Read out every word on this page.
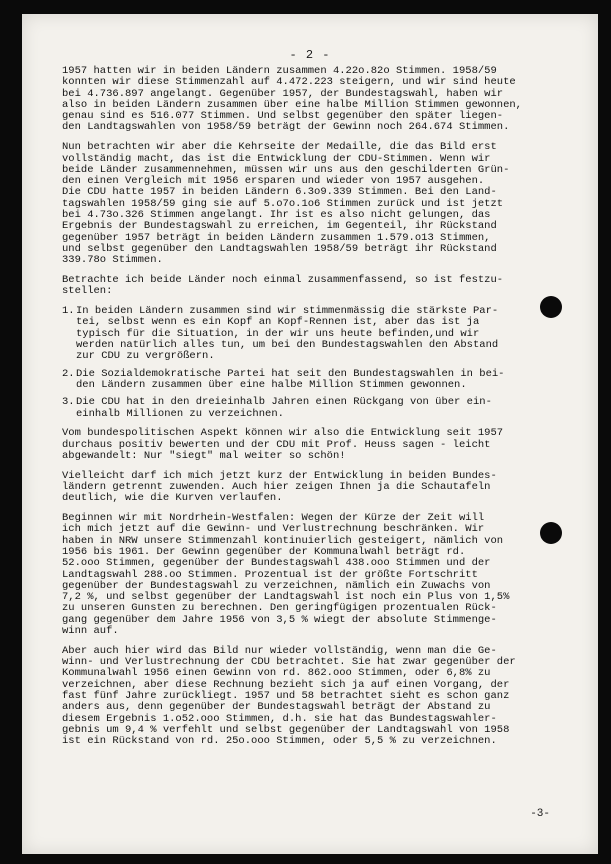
- 2 -

1957 hatten wir in beiden Ländern zusammen 4.22o.82o Stimmen. 1958/59
konnten wir diese Stimmenzahl auf 4.472.223 steigern, und wir sind heute
bei 4.736.897 angelangt. Gegenüber 1957, der Bundestagswahl, haben wir
also in beiden Ländern zusammen über eine halbe Million Stimmen gewonnen,
genau sind es 516.077 Stimmen. Und selbst gegenüber den später liegen-
den Landtagswahlen von 1958/59 beträgt der Gewinn noch 264.674 Stimmen.

Nun betrachten wir aber die Kehrseite der Medaille, die das Bild erst
vollständig macht, das ist die Entwicklung der CDU-Stimmen. Wenn wir
beide Länder zusammennehmen, müssen wir uns aus den geschilderten Grün-
den einen Vergleich mit 1956 ersparen und wieder von 1957 ausgehen.
Die CDU hatte 1957 in beiden Ländern 6.3o9.339 Stimmen. Bei den Land-
tagswahlen 1958/59 ging sie auf 5.o7o.1o6 Stimmen zurück und ist jetzt
bei 4.73o.326 Stimmen angelangt. Ihr ist es also nicht gelungen, das
Ergebnis der Bundestagswahl zu erreichen, im Gegenteil, ihr Rückstand
gegenüber 1957 beträgt in beiden Ländern zusammen 1.579.o13 Stimmen,
und selbst gegenüber den Landtagswahlen 1958/59 beträgt ihr Rückstand
339.78o Stimmen.

Betrachte ich beide Länder noch einmal zusammenfassend, so ist festzu-
stellen:

1. In beiden Ländern zusammen sind wir stimmenmässig die stärkste Par-
tei, selbst wenn es ein Kopf an Kopf-Rennen ist, aber das ist ja
typisch für die Situation, in der wir uns heute befinden,und wir
werden natürlich alles tun, um bei den Bundestagswahlen den Abstand
zur CDU zu vergrößern.
2. Die Sozialdemokratische Partei hat seit den Bundestagswahlen in bei-
den Ländern zusammen über eine halbe Million Stimmen gewonnen.
3. Die CDU hat in den dreieinhalb Jahren einen Rückgang von über ein-
einhalb Millionen zu verzeichnen.

Vom bundespolitischen Aspekt können wir also die Entwicklung seit 1957
durchaus positiv bewerten und der CDU mit Prof. Heuss sagen - leicht
abgewandelt: Nur "siegt" mal weiter so schön!

Vielleicht darf ich mich jetzt kurz der Entwicklung in beiden Bundes-
ländern getrennt zuwenden. Auch hier zeigen Ihnen ja die Schautafeln
deutlich, wie die Kurven verlaufen.

Beginnen wir mit Nordrhein-Westfalen: Wegen der Kürze der Zeit will
ich mich jetzt auf die Gewinn- und Verlustrechnung beschränken. Wir
haben in NRW unsere Stimmenzahl kontinuierlich gesteigert, nämlich von
1956 bis 1961. Der Gewinn gegenüber der Kommunalwahl beträgt rd.
52.ooo Stimmen, gegenüber der Bundestagswahl 438.ooo Stimmen und der
Landtagswahl 288.oo Stimmen. Prozentual ist der größte Fortschritt
gegenüber der Bundestagswahl zu verzeichnen, nämlich ein Zuwachs von
7,2 %, und selbst gegenüber der Landtagswahl ist noch ein Plus von 1,5%
zu unseren Gunsten zu berechnen. Den geringfügigen prozentualen Rück-
gang gegenüber dem Jahre 1956 von 3,5 % wiegt der absolute Stimmengе-
winn auf.

Aber auch hier wird das Bild nur wieder vollständig, wenn man die Ge-
winn- und Verlustrechnung der CDU betrachtet. Sie hat zwar gegenüber der
Kommunalwahl 1956 einen Gewinn von rd. 862.ooo Stimmen, oder 6,8% zu
verzeichnen, aber diese Rechnung bezieht sich ja auf einen Vorgang, der
fast fünf Jahre zurückliegt. 1957 und 58 betrachtet sieht es schon ganz
anders aus, denn gegenüber der Bundestagswahl beträgt der Abstand zu
diesem Ergebnis 1.o52.ooo Stimmen, d.h. sie hat das Bundestagswahler-
gebnis um 9,4 % verfehlt und selbst gegenüber der Landtagswahl von 1958
ist ein Rückstand von rd. 25o.ooo Stimmen, oder 5,5 % zu verzeichnen.

-3-
